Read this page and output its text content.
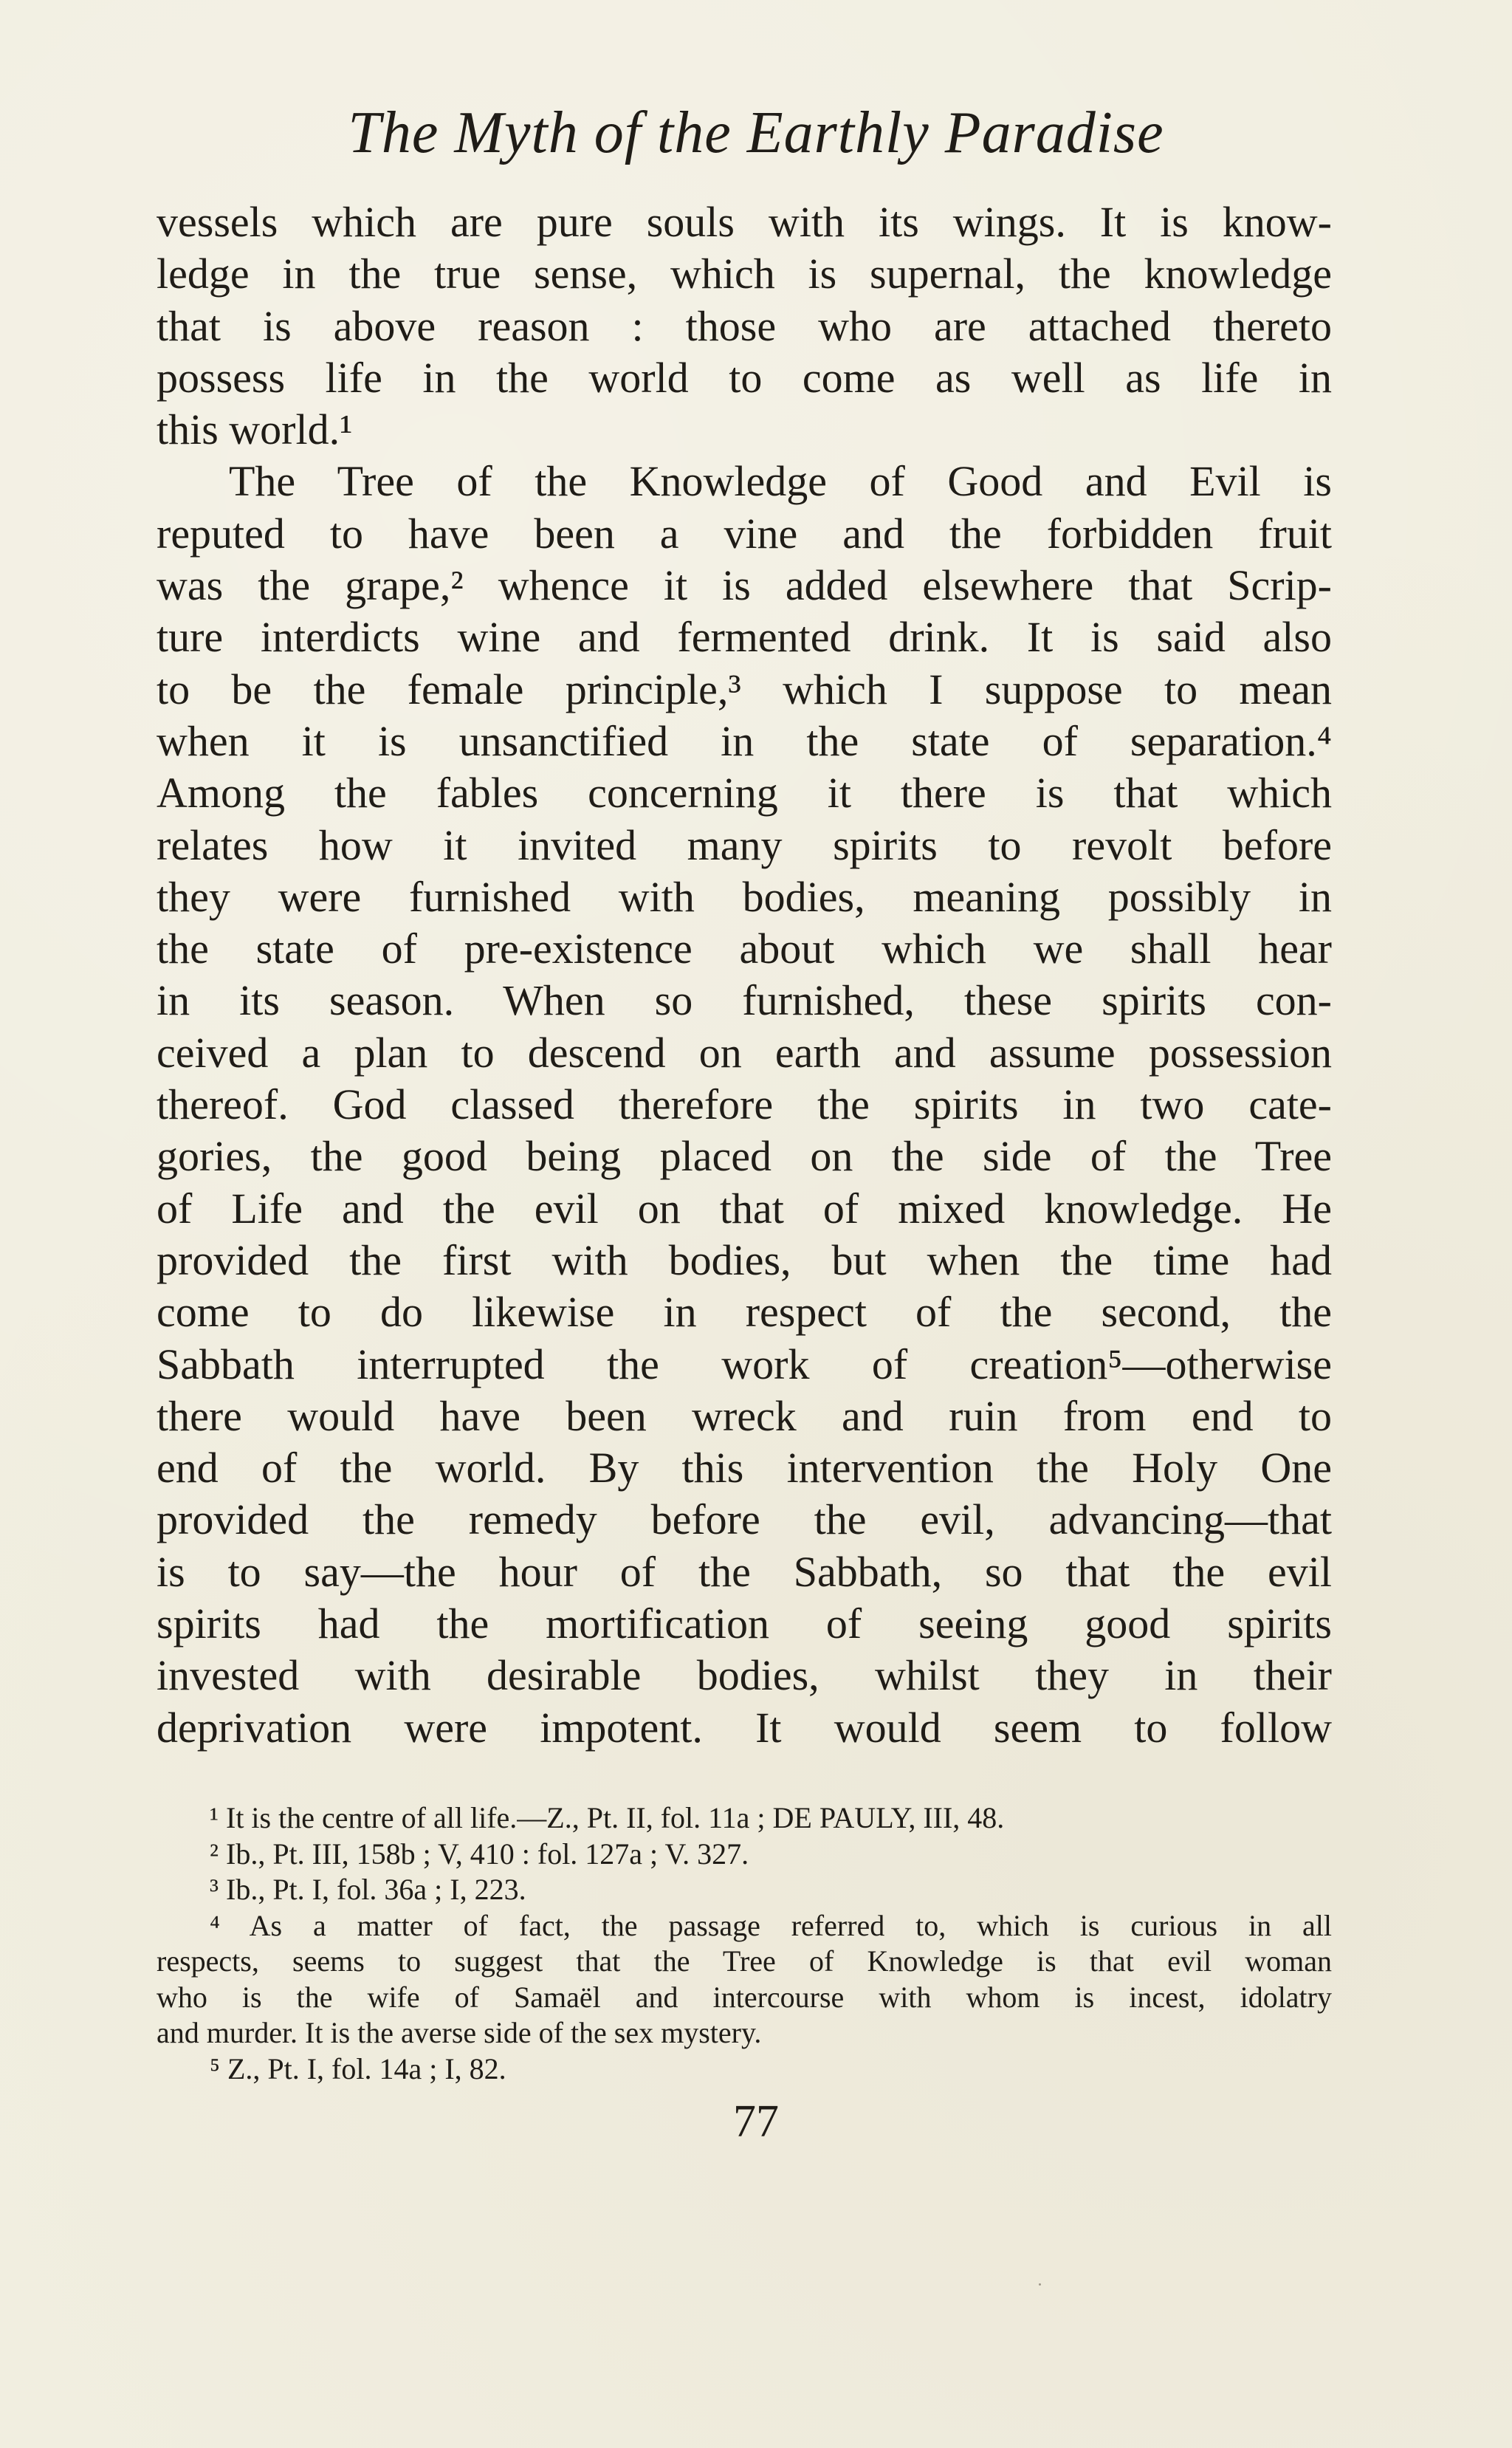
The Myth of the Earthly Paradise
vessels which are pure souls with its wings. It is know-
ledge in the true sense, which is supernal, the knowledge
that is above reason : those who are attached thereto
possess life in the world to come as well as life in
this world.¹
The Tree of the Knowledge of Good and Evil is
reputed to have been a vine and the forbidden fruit
was the grape,² whence it is added elsewhere that Scrip-
ture interdicts wine and fermented drink. It is said also
to be the female principle,³ which I suppose to mean
when it is unsanctified in the state of separation.⁴
Among the fables concerning it there is that which
relates how it invited many spirits to revolt before
they were furnished with bodies, meaning possibly in
the state of pre-existence about which we shall hear
in its season. When so furnished, these spirits con-
ceived a plan to descend on earth and assume possession
thereof. God classed therefore the spirits in two cate-
gories, the good being placed on the side of the Tree
of Life and the evil on that of mixed knowledge. He
provided the first with bodies, but when the time had
come to do likewise in respect of the second, the
Sabbath interrupted the work of creation⁵—otherwise
there would have been wreck and ruin from end to
end of the world. By this intervention the Holy One
provided the remedy before the evil, advancing—that
is to say—the hour of the Sabbath, so that the evil
spirits had the mortification of seeing good spirits
invested with desirable bodies, whilst they in their
deprivation were impotent. It would seem to follow
¹ It is the centre of all life.—Z., Pt. II, fol. 11a ; DE PAULY, III, 48.
² Ib., Pt. III, 158b ; V, 410 : fol. 127a ; V. 327.
³ Ib., Pt. I, fol. 36a ; I, 223.
⁴ As a matter of fact, the passage referred to, which is curious in all
respects, seems to suggest that the Tree of Knowledge is that evil woman
who is the wife of Samaël and intercourse with whom is incest, idolatry
and murder. It is the averse side of the sex mystery.
⁵ Z., Pt. I, fol. 14a ; I, 82.
77
